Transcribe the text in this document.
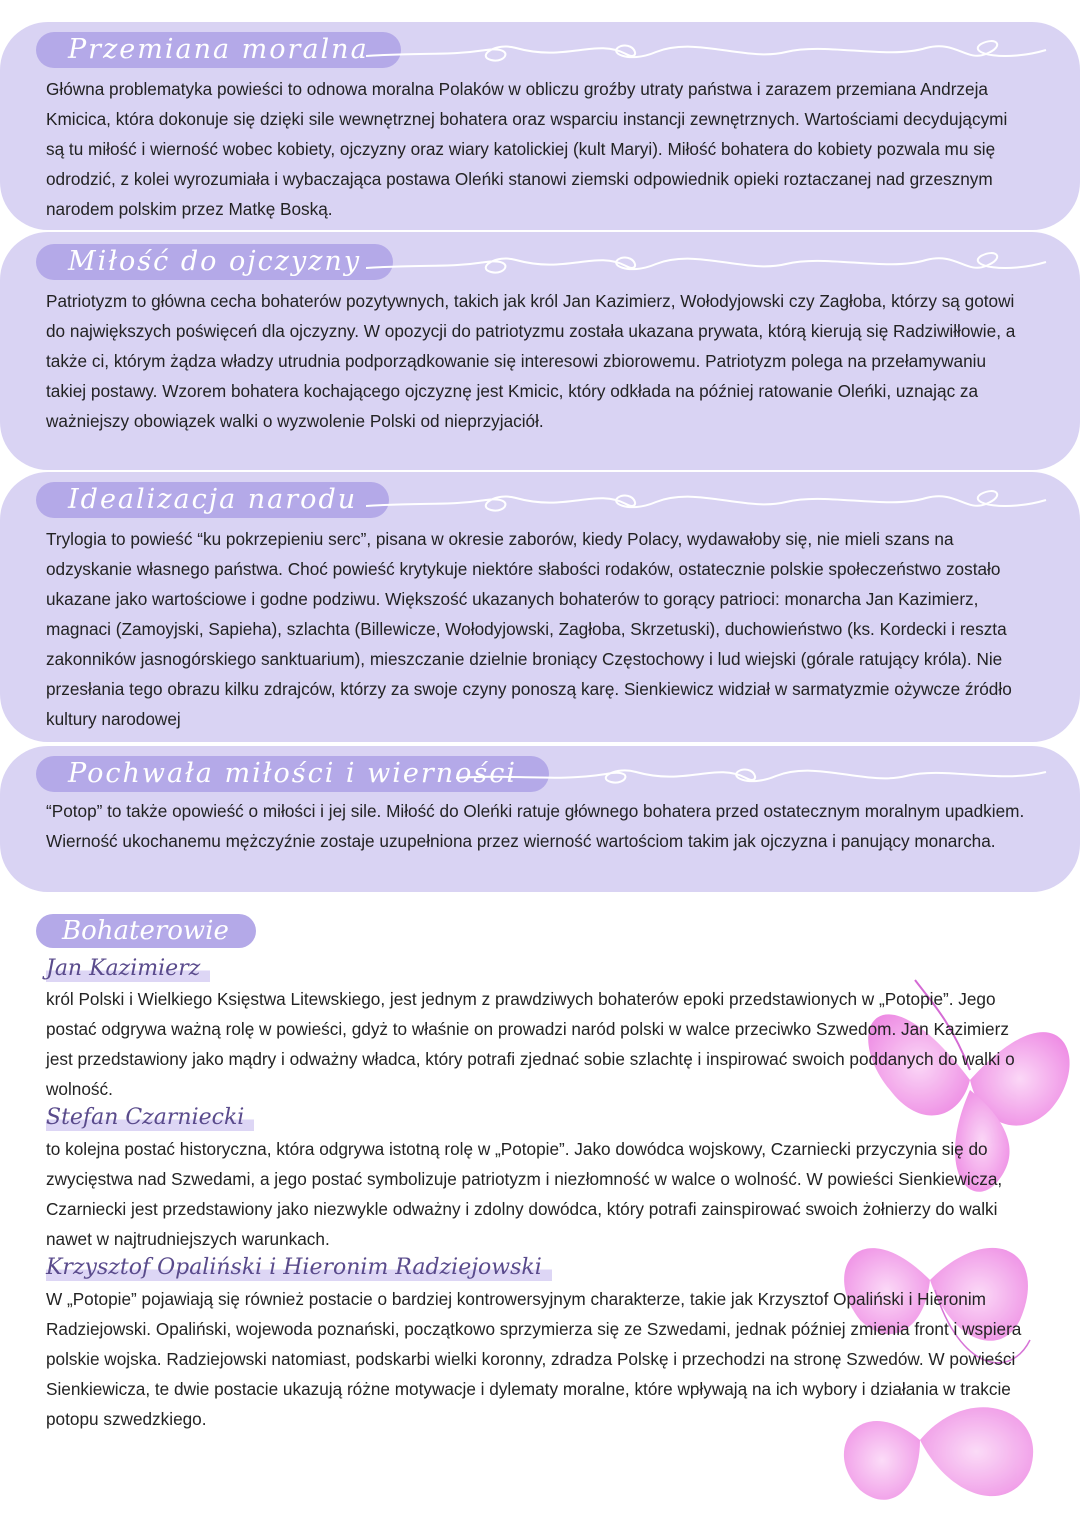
Przemiana moralna
Główna problematyka powieści to odnowa moralna Polaków w obliczu groźby utraty państwa i zarazem przemiana Andrzeja Kmicica, która dokonuje się dzięki sile wewnętrznej bohatera oraz wsparciu instancji zewnętrznych. Wartościami decydującymi są tu miłość i wierność wobec kobiety, ojczyzny oraz wiary katolickiej (kult Maryi). Miłość bohatera do kobiety pozwala mu się odrodzić, z kolei wyrozumiała i wybaczająca postawa Oleńki stanowi ziemski odpowiednik opieki roztaczanej nad grzesznym narodem polskim przez Matkę Boską.
Miłość do ojczyzny
Patriotyzm to główna cecha bohaterów pozytywnych, takich jak król Jan Kazimierz, Wołodyjowski czy Zagłoba, którzy są gotowi do największych poświęceń dla ojczyzny. W opozycji do patriotyzmu została ukazana prywata, którą kierują się Radziwiłłowie, a także ci, którym żądza władzy utrudnia podporządkowanie się interesowi zbiorowemu. Patriotyzm polega na przełamywaniu takiej postawy. Wzorem bohatera kochającego ojczyznę jest Kmicic, który odkłada na później ratowanie Oleńki, uznając za ważniejszy obowiązek walki o wyzwolenie Polski od nieprzyjaciół.
Idealizacja narodu
Trylogia to powieść “ku pokrzepieniu serc”, pisana w okresie zaborów, kiedy Polacy, wydawałoby się, nie mieli szans na odzyskanie własnego państwa. Choć powieść krytykuje niektóre słabości rodaków, ostatecznie polskie społeczeństwo zostało ukazane jako wartościowe i godne podziwu. Większość ukazanych bohaterów to gorący patrioci: monarcha Jan Kazimierz, magnaci (Zamoyjski, Sapieha), szlachta (Billewicze, Wołodyjowski, Zagłoba, Skrzetuski), duchowieństwo (ks. Kordecki i reszta zakonników jasnogórskiego sanktuarium), mieszczanie dzielnie broniący Częstochowy i lud wiejski (górale ratujący króla). Nie przesłania tego obrazu kilku zdrajców, którzy za swoje czyny ponoszą karę. Sienkiewicz widział w sarmatyzmie ożywcze źródło kultury narodowej
Pochwała miłości i wierności
“Potop” to także opowieść o miłości i jej sile. Miłość do Oleńki ratuje głównego bohatera przed ostatecznym moralnym upadkiem. Wierność ukochanemu mężczyźnie zostaje uzupełniona przez wierność wartościom takim jak ojczyzna i panujący monarcha.
Bohaterowie
Jan Kazimierz
król Polski i Wielkiego Księstwa Litewskiego, jest jednym z prawdziwych bohaterów epoki przedstawionych w „Potopie”. Jego postać odgrywa ważną rolę w powieści, gdyż to właśnie on prowadzi naród polski w walce przeciwko Szwedom. Jan Kazimierz jest przedstawiony jako mądry i odważny władca, który potrafi zjednać sobie szlachtę i inspirować swoich poddanych do walki o wolność.
Stefan Czarniecki
to kolejna postać historyczna, która odgrywa istotną rolę w „Potopie”. Jako dowódca wojskowy, Czarniecki przyczynia się do zwycięstwa nad Szwedami, a jego postać symbolizuje patriotyzm i niezłomność w walce o wolność. W powieści Sienkiewicza, Czarniecki jest przedstawiony jako niezwykle odważny i zdolny dowódca, który potrafi zainspirować swoich żołnierzy do walki nawet w najtrudniejszych warunkach.
Krzysztof Opaliński i Hieronim Radziejowski
W „Potopie” pojawiają się również postacie o bardziej kontrowersyjnym charakterze, takie jak Krzysztof Opaliński i Hieronim Radziejowski. Opaliński, wojewoda poznański, początkowo sprzymierza się ze Szwedami, jednak później zmienia front i wspiera polskie wojska. Radziejowski natomiast, podskarbi wielki koronny, zdradza Polskę i przechodzi na stronę Szwedów. W powieści Sienkiewicza, te dwie postacie ukazują różne motywacje i dylematy moralne, które wpływają na ich wybory i działania w trakcie potopu szwedzkiego.
